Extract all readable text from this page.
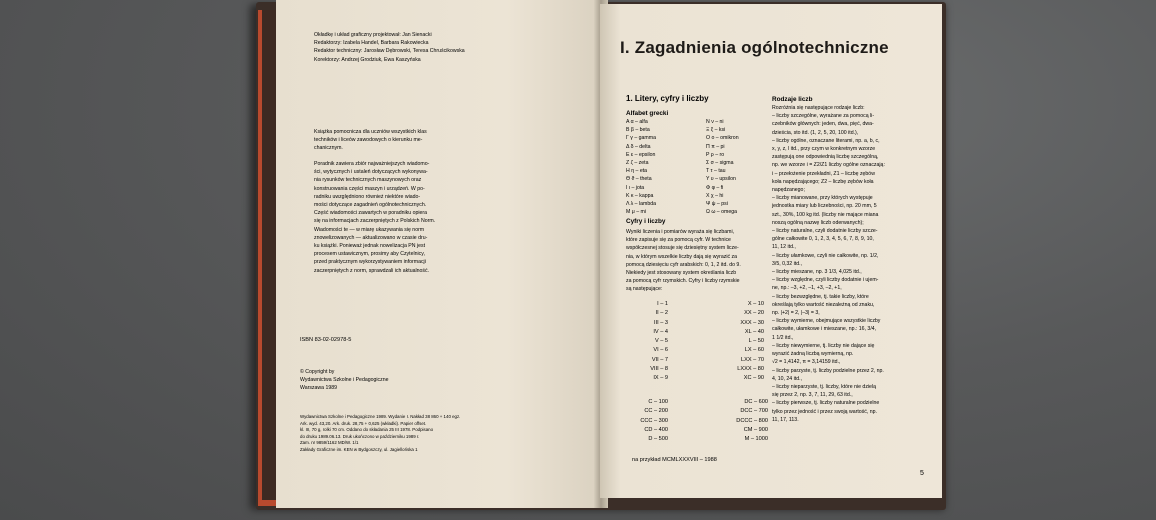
Okładkę i układ graficzny projektował: Jan Sienacki
Redaktorzy: Izabela Handel, Barbara Rakowiecka
Redaktor techniczny: Jarosław Dębrowski, Teresa Chruścikowska
Korektorzy: Andrzej Grodziuk, Ewa Kaszyńska
Książka pomocnicza dla uczniów wszystkich klas
techników i liceów zawodowych o kierunku me-
chanicznym.
Poradnik zawiera zbiór najważniejszych wiadomo-
ści, wytycznych i ustaleń dotyczących wykonywa-
nia rysunków technicznych maszynowych oraz
konstruowania części maszyn i urządzeń. W po-
radniku uwzględniono również niektóre wiado-
mości dotyczące zagadnień ogólnotechnicznych.
Część wiadomości zawartych w poradniku opiera
się na informacjach zaczerpniętych z Polskich Norm.
Wiadomości te — w miarę ukazywania się norm
znowelizowanych — aktualizowano w czasie dru-
ku książki. Ponieważ jednak nowelizacja PN jest
procesem ustawicznym, prosimy aby Czytelnicy,
przed praktycznym wykorzystywaniem informacji
zaczerpniętych z norm, sprawdzali ich aktualność.
ISBN 83-02-02978-5
© Copyright by
Wydawnictwa Szkolne i Pedagogiczne
Warszawa 1989
Wydawnictwa Szkolne i Pedagogiczne 1989. Wydanie I. Nakład 38 860 + 140 egz.
Ark. wyd. 43,20. Ark. druk. 28,75 + 0,625 (wkładki). Papier offset.
kl. III, 70 g, rolki 70 cm. Oddano do składania 25 III 1978. Podpisano
do druku 1989.06.13. Druk ukończono w październiku 1989 r.
Zam. nr 9859/1162 MD/W. 1/1
Zakłady Graficzne im. KEN w Bydgoszczy, ul. Jagiellońska 1
I. Zagadnienia ogólnotechniczne
1. Litery, cyfry i liczby
Alfabet grecki
Α α – alfa
Β β – beta
Γ γ – gamma
Δ δ – delta
Ε ε – epsilon
Ζ ζ – zeta
Η η – eta
Θ ϑ – theta
Ι ι – jota
Κ κ – kappa
Λ λ – lambda
Μ μ – mi
Ν ν – ni
Ξ ξ – ksi
Ο ο – omikron
Π π – pi
Ρ ρ – ro
Σ σ – sigma
Τ τ – tau
Υ υ – upsilon
Φ φ – fi
Χ χ – hi
Ψ ψ – psi
Ω ω – omega
Cyfry i liczby
Wyniki liczenia i pomiarów wyraża się liczbami,
które zapisuje się za pomocą cyfr. W technice
współczesnej stosuje się dziesiętny system licze-
nia, w którym wszelkie liczby dają się wyrazić za
pomocą dziesięciu cyfr arabskich: 0, 1, 2 itd. do 9.
Niekiedy jest stosowany system określania liczb
za pomocą cyfr rzymskich. Cyfry i liczby rzymskie
są następujące:
I – 1
II – 2
III – 3
IV – 4
V – 5
VI – 6
VII – 7
VIII – 8
IX – 9
X – 10
XX – 20
XXX – 30
XL – 40
L – 50
LX – 60
LXX – 70
LXXX – 80
XC – 90
C – 100
CC – 200
CCC – 300
CD – 400
D – 500
DC – 600
DCC – 700
DCCC – 800
CM – 900
M – 1000
na przykład MCMLXXXVIII – 1988
Rodzaje liczb
Rozróżnia się następujące rodzaje liczb:
– liczby szczególne, wyrażane za pomocą li-
czebników głównych: jeden, dwa, pięć, dwa-
dzieścia, sto itd. (1, 2, 5, 20, 100 itd.),
– liczby ogólne, oznaczane literami, np. a, b, c,
x, y, z, l itd., przy czym w konkretnym wzorze
zastępują one odpowiednią liczbę szczególną,
np. we wzorze i = Z2/Z1 liczby ogólne oznaczają:
i – przełożenie przekładni, Z1 – liczbę zębów
koła napędzającego; Z2 – liczbę zębów koła
napędzanego;
– liczby mianowane, przy których występuje
jednostka miary lub liczebności, np. 20 mm, 5
szt., 30%, 100 kg itd. (liczby nie mające miana
noszą ogólną nazwę liczb oderwanych);
– liczby naturalne, czyli dodatnie liczby szcze-
gólne całkowite 0, 1, 2, 3, 4, 5, 6, 7, 8, 9, 10,
11, 12 itd.,
– liczby ułamkowe, czyli nie całkowite, np. 1/2,
3/5, 0,32 itd.,
– liczby mieszane, np. 3 1/3, 4,025 itd.,
– liczby względne, czyli liczby dodatnie i ujem-
ne, np.: –3, +2, –1, +3, –2, +1,
– liczby bezwzględne, tj. takie liczby, które
określają tylko wartość niezależną od znaku,
np. |+2| = 2, |–3| = 3,
– liczby wymierne, obejmujące wszystkie liczby
całkowite, ułamkowe i mieszane, np.: 16, 3/4,
1 1/2 itd.,
– liczby niewymierne, tj. liczby nie dające się
wyrazić żadną liczbą wymierną, np.
√2 = 1,4142, π = 3,14159 itd.,
– liczby parzyste, tj. liczby podzielne przez 2, np.
4, 10, 24 itd.,
– liczby nieparzyste, tj. liczby, które nie dzielą
się przez 2, np. 3, 7, 11, 29, 63 itd.,
– liczby pierwsze, tj. liczby naturalne podzielne
tylko przez jedność i przez swoją wartość, np.
11, 17, 113.
5
